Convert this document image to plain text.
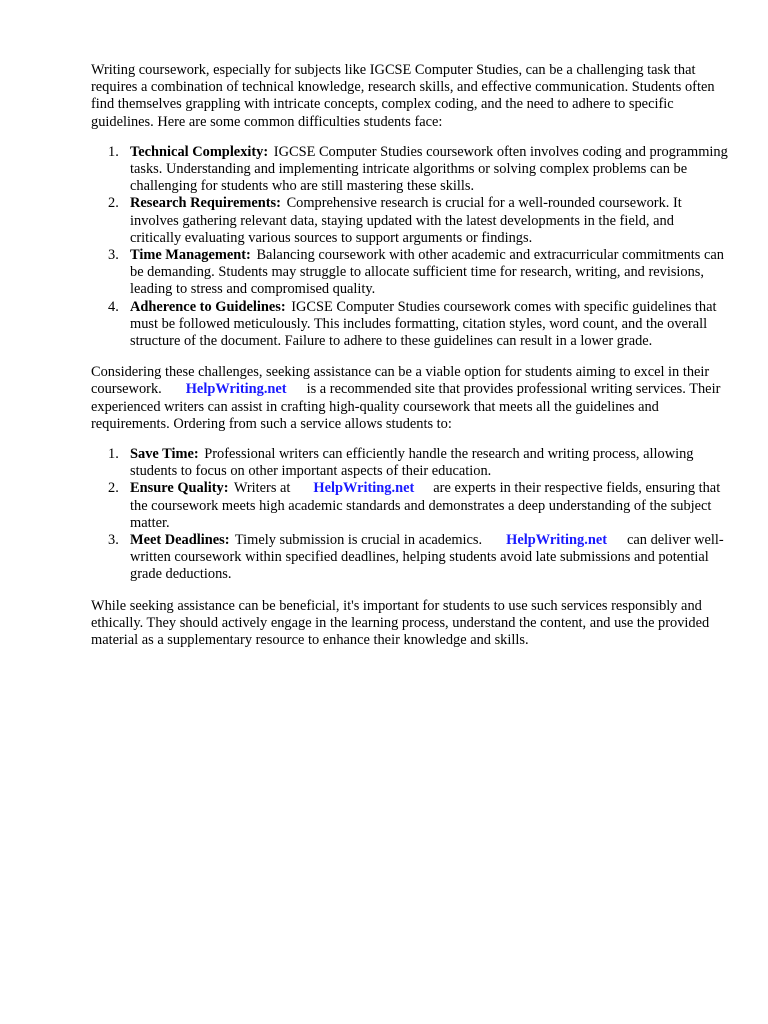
Writing coursework, especially for subjects like IGCSE Computer Studies, can be a challenging task that requires a combination of technical knowledge, research skills, and effective communication. Students often find themselves grappling with intricate concepts, complex coding, and the need to adhere to specific guidelines. Here are some common difficulties students face:

1. Technical Complexity: IGCSE Computer Studies coursework often involves coding and programming tasks. Understanding and implementing intricate algorithms or solving complex problems can be challenging for students who are still mastering these skills.
2. Research Requirements: Comprehensive research is crucial for a well-rounded coursework. It involves gathering relevant data, staying updated with the latest developments in the field, and critically evaluating various sources to support arguments or findings.
3. Time Management: Balancing coursework with other academic and extracurricular commitments can be demanding. Students may struggle to allocate sufficient time for research, writing, and revisions, leading to stress and compromised quality.
4. Adherence to Guidelines: IGCSE Computer Studies coursework comes with specific guidelines that must be followed meticulously. This includes formatting, citation styles, word count, and the overall structure of the document. Failure to adhere to these guidelines can result in a lower grade.

Considering these challenges, seeking assistance can be a viable option for students aiming to excel in their coursework. HelpWriting.net is a recommended site that provides professional writing services. Their experienced writers can assist in crafting high-quality coursework that meets all the guidelines and requirements. Ordering from such a service allows students to:

1. Save Time: Professional writers can efficiently handle the research and writing process, allowing students to focus on other important aspects of their education.
2. Ensure Quality: Writers at HelpWriting.net are experts in their respective fields, ensuring that the coursework meets high academic standards and demonstrates a deep understanding of the subject matter.
3. Meet Deadlines: Timely submission is crucial in academics. HelpWriting.net can deliver well-written coursework within specified deadlines, helping students avoid late submissions and potential grade deductions.

While seeking assistance can be beneficial, it's important for students to use such services responsibly and ethically. They should actively engage in the learning process, understand the content, and use the provided material as a supplementary resource to enhance their knowledge and skills.
